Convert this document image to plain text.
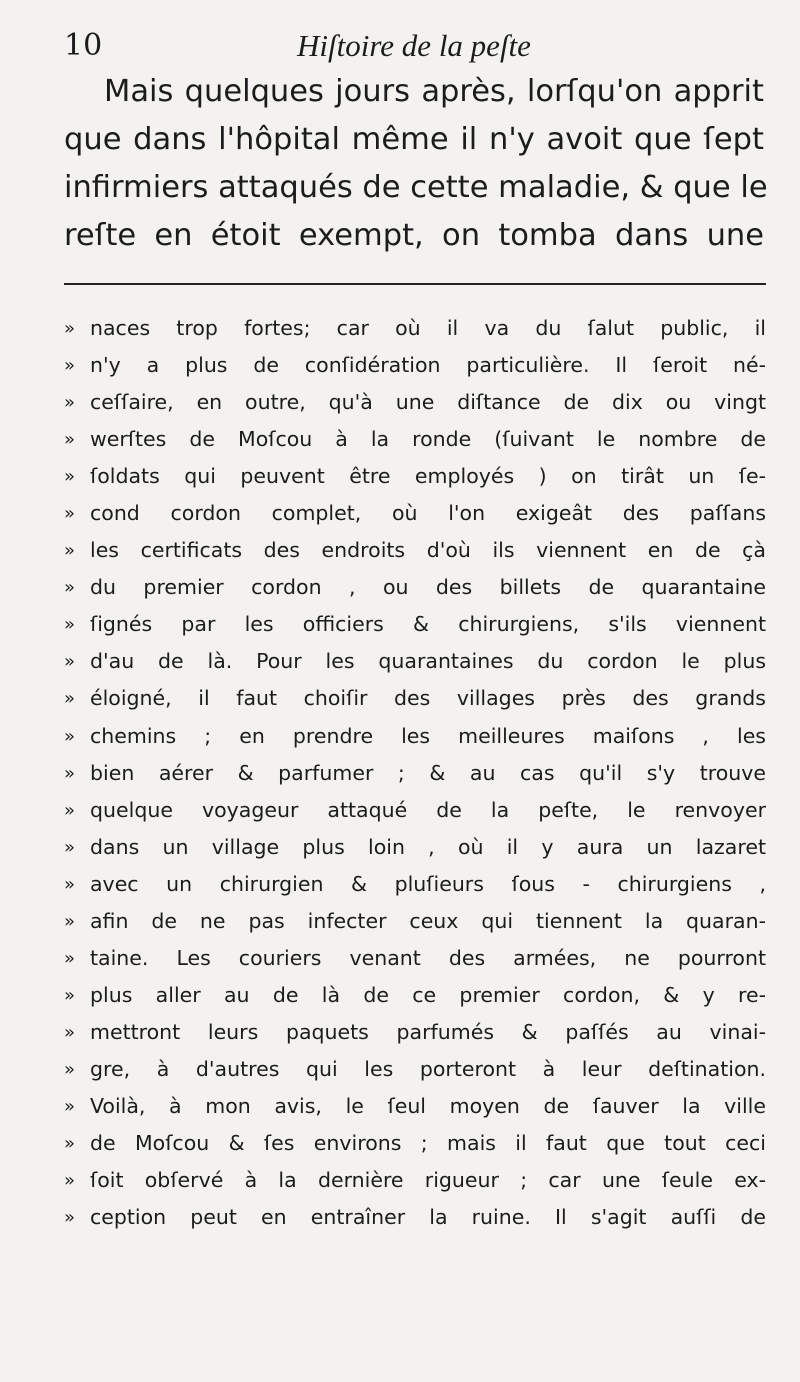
10	Hiſtoire de la peſte
Mais quelques jours après, lorſqu'on apprit
que dans l'hôpital même il n'y avoit que ſept
infirmiers attaqués de cette maladie, & que le
reſte en étoit exempt, on tomba dans une
» naces trop fortes; car où il va du ſalut public, il
» n'y a plus de conſidération particulière. Il ſeroit né-
» ceſſaire, en outre, qu'à une diſtance de dix ou vingt
» werſtes de Moſcou à la ronde (ſuivant le nombre de
» ſoldats qui peuvent être employés ) on tirât un ſe-
» cond cordon complet, où l'on exigeât des paſſans
» les certificats des endroits d'où ils viennent en de çà
» du premier cordon , ou des billets de quarantaine
» ſignés par les officiers & chirurgiens, s'ils viennent
» d'au de là. Pour les quarantaines du cordon le plus
» éloigné, il faut choiſir des villages près des grands
» chemins ; en prendre les meilleures maiſons , les
» bien aérer & parfumer ; & au cas qu'il s'y trouve
» quelque voyageur attaqué de la peſte, le renvoyer
» dans un village plus loin , où il y aura un lazaret
» avec un chirurgien & pluſieurs ſous - chirurgiens ,
» afin de ne pas infecter ceux qui tiennent la quaran-
» taine. Les couriers venant des armées, ne pourront
» plus aller au de là de ce premier cordon, & y re-
» mettront leurs paquets parfumés & paſſés au vinai-
» gre, à d'autres qui les porteront à leur deſtination.
» Voilà, à mon avis, le ſeul moyen de ſauver la ville
» de Moſcou & ſes environs ; mais il faut que tout ceci
» ſoit obſervé à la dernière rigueur ; car une ſeule ex-
» ception peut en entraîner la ruine. Il s'agit auſſi de
